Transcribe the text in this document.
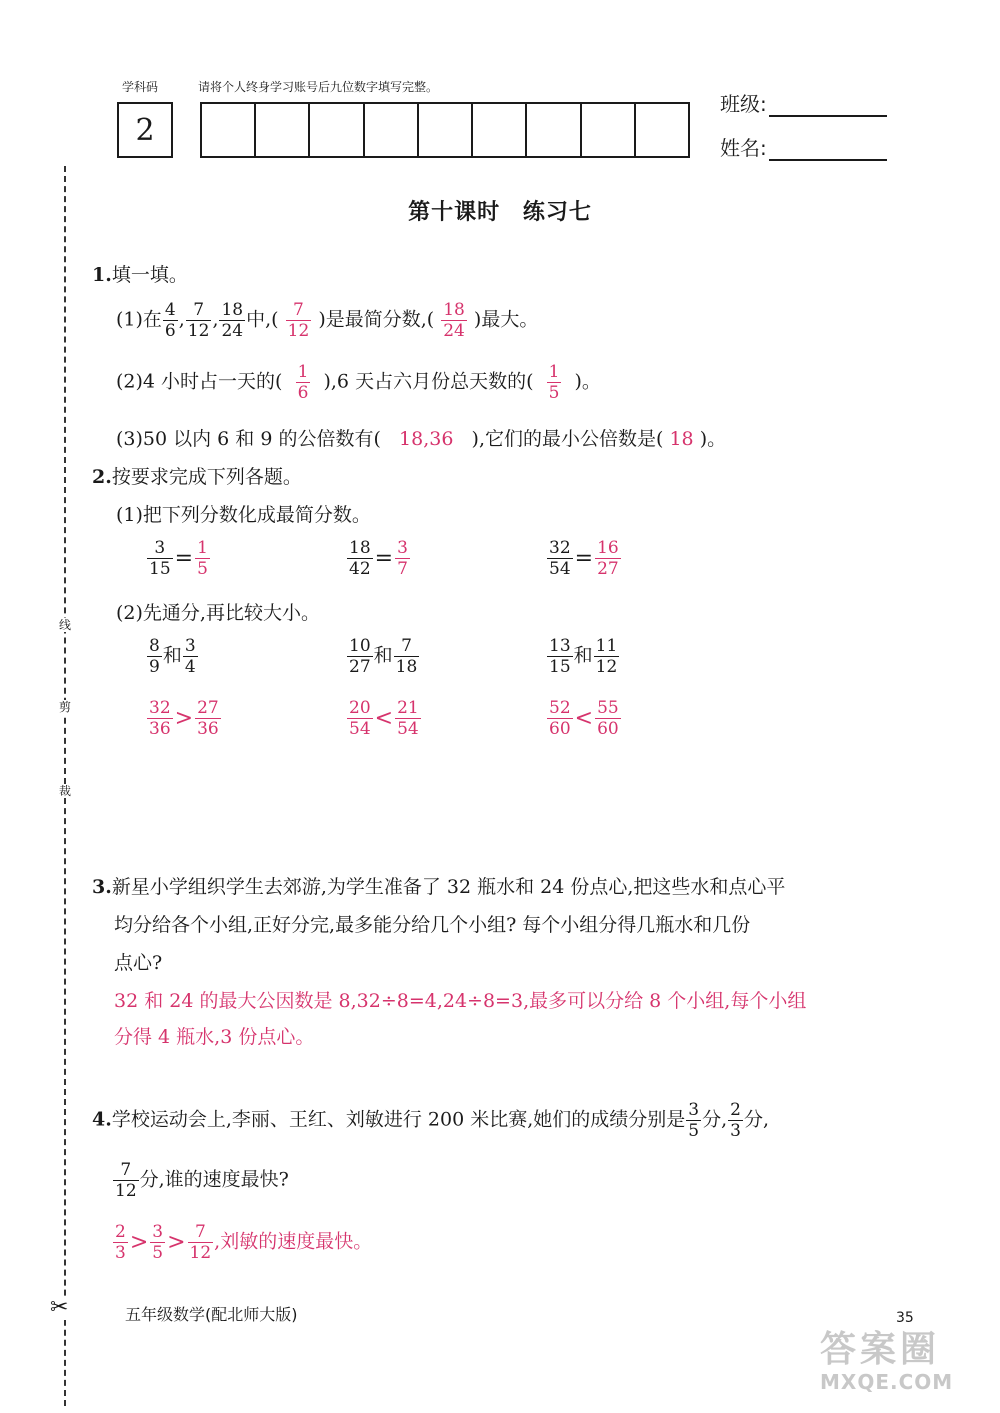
学科码	请将个人终身学习账号后九位数字填写完整。
2
班级:
姓名:
线
剪
裁
✂
第十课时 练习七
1.填一填。
(1)在 $\frac{4}{6}$ , $\frac{7}{12}$ , $\frac{18}{24}$ 中,( $\frac{7}{12}$ )是最简分数,( $\frac{18}{24}$ )最大。
(2)4 小时占一天的( $\frac{1}{6} ),6$ 天占六月份总天数的( $\frac{1}{5}$ )。
(3)50 以内 6 和 9 的公倍数有( 18,36 ),它们的最小公倍数是( 18 )。
2.按要求完成下列各题。
(1)把下列分数化成最简分数。
$\frac{3}{15} = \frac{1}{5}$	$\frac{18}{42} = \frac{3}{7}$	$\frac{32}{54} = \frac{16}{27}$
(2)先通分,再比较大小。
$\frac{8}{9}$ 和 $\frac{3}{4}$	$\frac{10}{27}$ 和 $\frac{7}{18}$	$\frac{13}{15}$ 和 $\frac{11}{12}$
$\frac{32}{36} > \frac{27}{36}$	$\frac{20}{54} < \frac{21}{54}$	$\frac{52}{60} < \frac{55}{60}$
3.新星小学组织学生去郊游,为学生准备了 32 瓶水和 24 份点心,把这些水和点心平
均分给各个小组,正好分完,最多能分给几个小组? 每个小组分得几瓶水和几份
点心?
32 和 24 的最大公因数是 8,32÷8=4,24÷8=3,最多可以分给 8 个小组,每个小组
分得 4 瓶水,3 份点心。
4.学校运动会上,李丽、王红、刘敏进行 200 米比赛,她们的成绩分别是 $\frac{3}{5}$ 分, $\frac{2}{3}$ 分,
$\frac{7}{12}$ 分,谁的速度最快?
$\frac{2}{3} > \frac{3}{5} > \frac{7}{12}$ ,刘敏的速度最快。
五年级数学(配北师大版)	35
答案圈
MXQE.COM
